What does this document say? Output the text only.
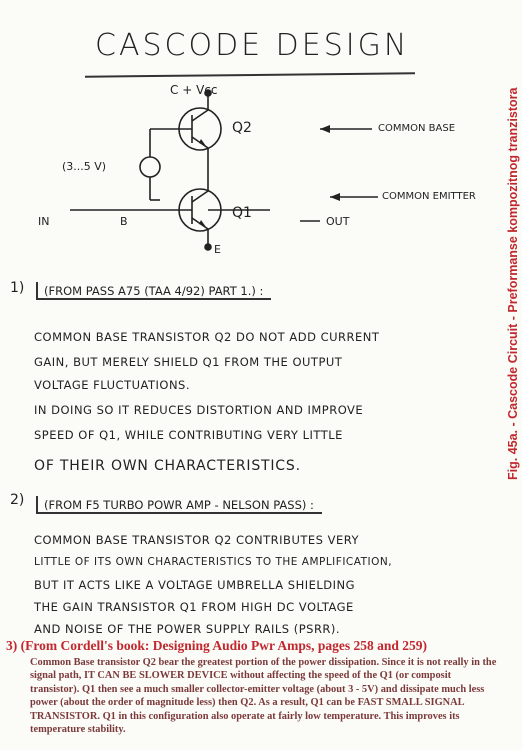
CASCODE DESIGN
C + Vcc
Q2
Q1
(3...5 V)
IN	B
E
OUT
COMMON BASE
COMMON EMITTER
1)	(FROM PASS A75 (TAA 4/92) PART 1.) :
COMMON BASE TRANSISTOR Q2 DO NOT ADD CURRENT
GAIN, BUT MERELY SHIELD Q1 FROM THE OUTPUT
VOLTAGE FLUCTUATIONS.
IN DOING SO IT REDUCES DISTORTION AND IMPROVE
SPEED OF Q1, WHILE CONTRIBUTING VERY LITTLE
OF THEIR OWN CHARACTERISTICS.
2)	(FROM F5 TURBO POWR AMP - NELSON PASS) :
COMMON BASE TRANSISTOR Q2 CONTRIBUTES VERY
LITTLE OF ITS OWN CHARACTERISTICS TO THE AMPLIFICATION,
BUT IT ACTS LIKE A VOLTAGE UMBRELLA SHIELDING
THE GAIN TRANSISTOR Q1 FROM HIGH DC VOLTAGE
AND NOISE OF THE POWER SUPPLY RAILS (PSRR).
3) (From Cordell's book: Designing Audio Pwr Amps, pages 258 and 259)
Common Base transistor Q2 bear the greatest portion of the power dissipation. Since it is not really in the signal path, IT CAN BE SLOWER DEVICE without affecting the speed of the Q1 (or composit transistor). Q1 then see a much smaller collector-emitter voltage (about 3 - 5V) and dissipate much less power (about the order of magnitude less) then Q2. As a result, Q1 can be FAST SMALL SIGNAL TRANSISTOR. Q1 in this configuration also operate at fairly low temperature. This improves its temperature stability.
Fig. 45a. - Cascode Circuit - Preformanse kompozitnog tranzistora
